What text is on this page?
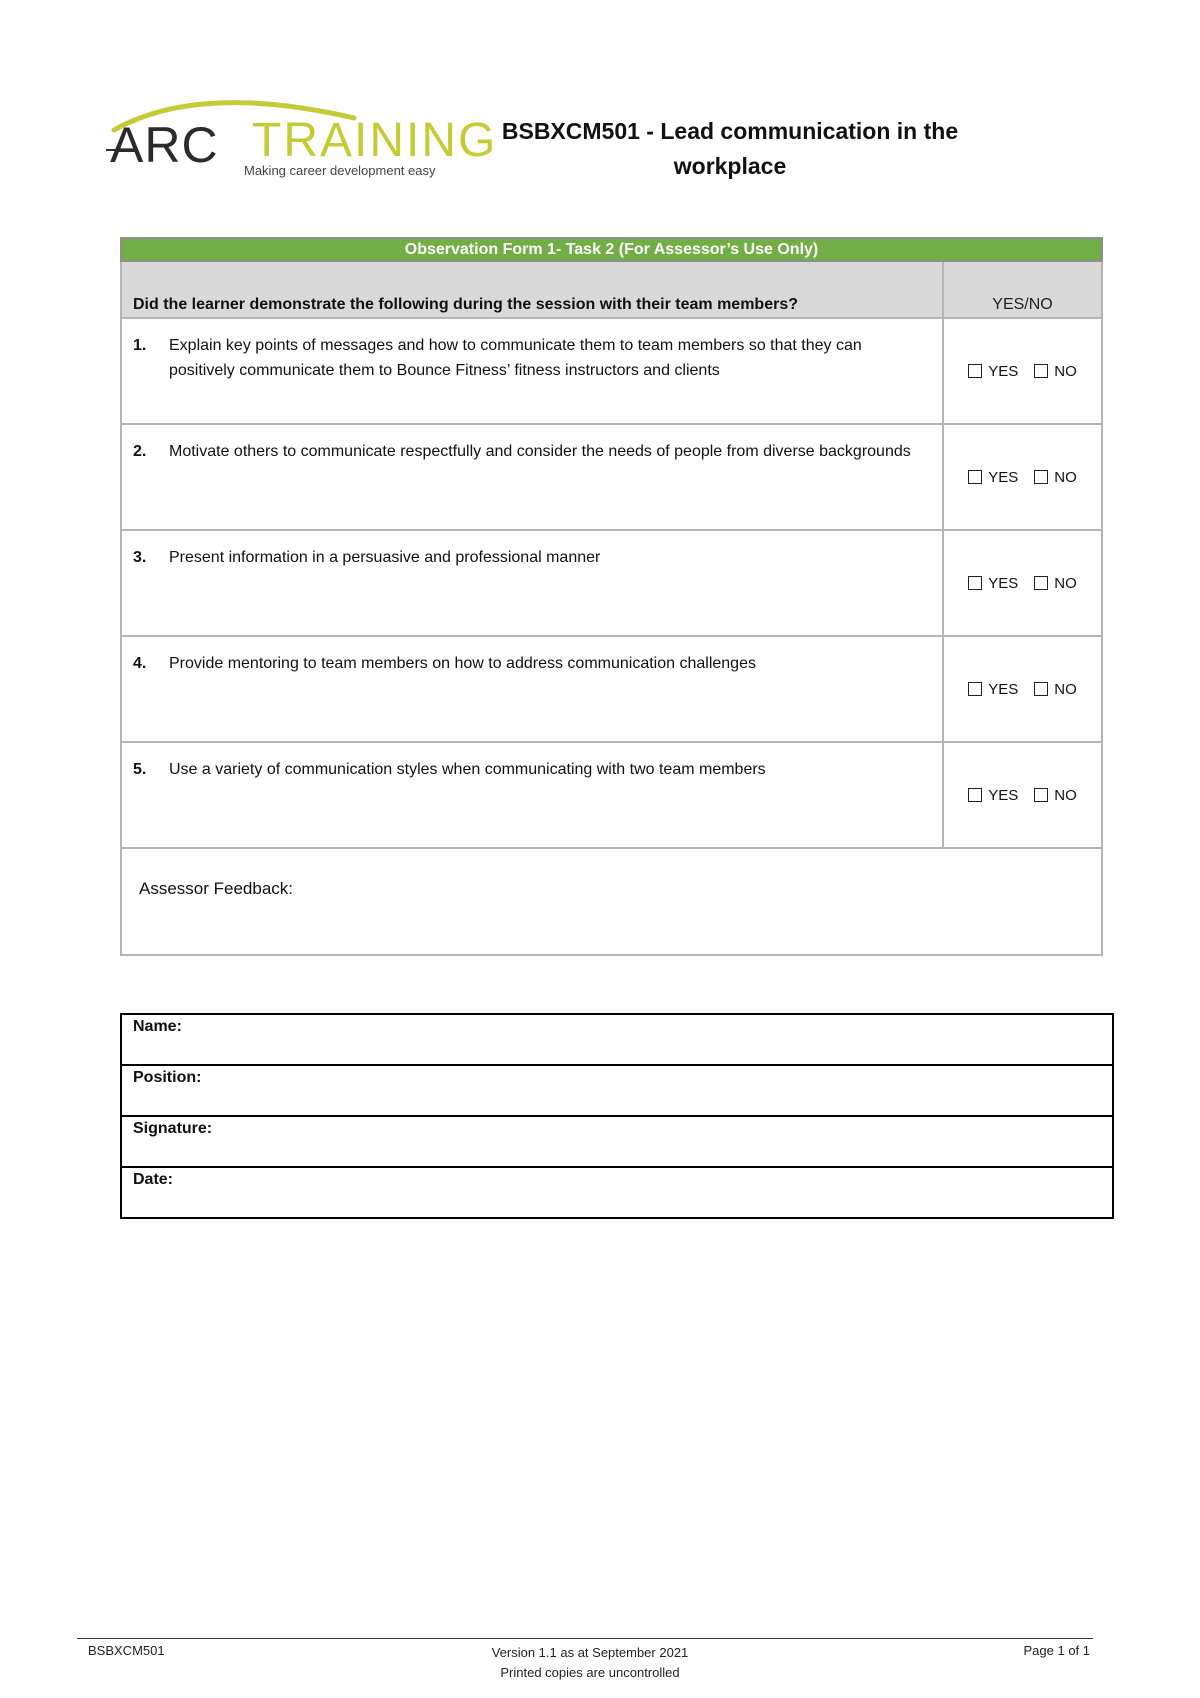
ARC TRAINING
Making career development easy
BSBXCM501 - Lead communication in the
workplace
Observation Form 1- Task 2 (For Assessor’s Use Only)	
Did the learner demonstrate the following during the session with their team members?	YES/NO

1. Explain key points of messages and how to communicate them to team members so that they can positively communicate them to Bounce Fitness’ fitness instructors and clients	YES NO

2. Motivate others to communicate respectfully and consider the needs of people from diverse backgrounds	YES NO

3. Present information in a persuasive and professional manner	YES NO

4. Provide mentoring to team members on how to address communication challenges	YES NO

5. Use a variety of communication styles when communicating with two team members	YES NO

Assessor Feedback:	
Name:
Position:
Signature:
Date:
BSBXCM501	Version 1.1 as at September 2021
Printed copies are uncontrolled
Page 1 of 1
